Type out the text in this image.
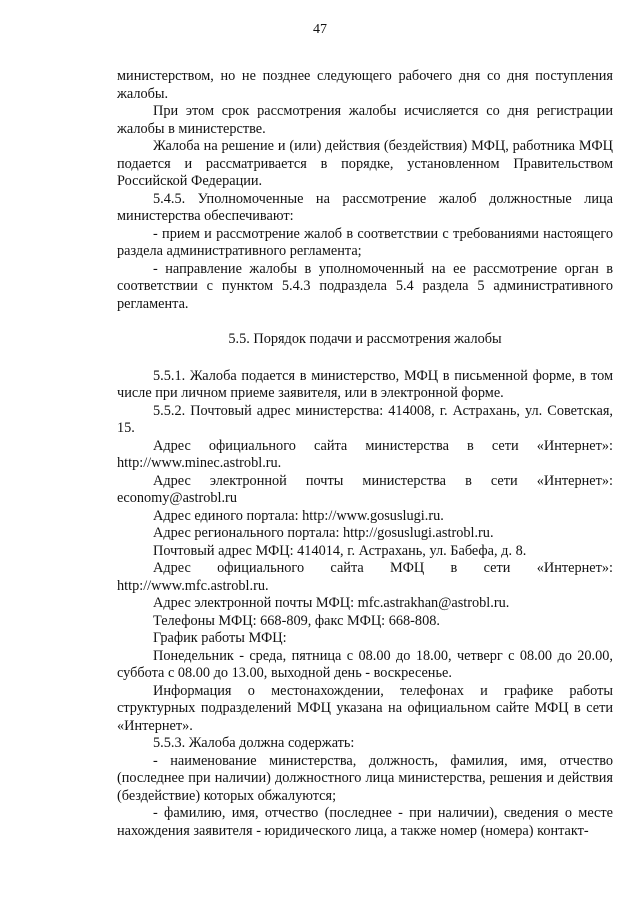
47

министерством, но не позднее следующего рабочего дня со дня поступления жалобы.

При этом срок рассмотрения жалобы исчисляется со дня регистрации жалобы в министерстве.

Жалоба на решение и (или) действия (бездействия) МФЦ, работника МФЦ подается и рассматривается в порядке, установленном Правительством Российской Федерации.

5.4.5. Уполномоченные на рассмотрение жалоб должностные лица министерства обеспечивают:

- прием и рассмотрение жалоб в соответствии с требованиями настоящего раздела административного регламента;

- направление жалобы в уполномоченный на ее рассмотрение орган в соответствии с пунктом 5.4.3 подраздела 5.4 раздела 5 административного регламента.

5.5. Порядок подачи и рассмотрения жалобы

5.5.1. Жалоба подается в министерство, МФЦ в письменной форме, в том числе при личном приеме заявителя, или в электронной форме.

5.5.2. Почтовый адрес министерства: 414008, г. Астрахань, ул. Советская, 15.

Адрес официального сайта министерства в сети «Интернет»: http://www.minec.astrobl.ru.

Адрес электронной почты министерства в сети «Интернет»: economy@astrobl.ru

Адрес единого портала: http://www.gosuslugi.ru.

Адрес регионального портала: http://gosuslugi.astrobl.ru.

Почтовый адрес МФЦ: 414014, г. Астрахань, ул. Бабефа, д. 8.

Адрес официального сайта МФЦ в сети «Интернет»: http://www.mfc.astrobl.ru.

Адрес электронной почты МФЦ: mfc.astrakhan@astrobl.ru.

Телефоны МФЦ: 668-809, факс МФЦ: 668-808.

График работы МФЦ:

Понедельник - среда, пятница с 08.00 до 18.00, четверг с 08.00 до 20.00, суббота с 08.00 до 13.00, выходной день - воскресенье.

Информация о местонахождении, телефонах и графике работы структурных подразделений МФЦ указана на официальном сайте МФЦ в сети «Интернет».

5.5.3. Жалоба должна содержать:

- наименование министерства, должность, фамилия, имя, отчество (последнее при наличии) должностного лица министерства, решения и действия (бездействие) которых обжалуются;

- фамилию, имя, отчество (последнее - при наличии), сведения о месте нахождения заявителя - юридического лица, а также номер (номера) контакт-
